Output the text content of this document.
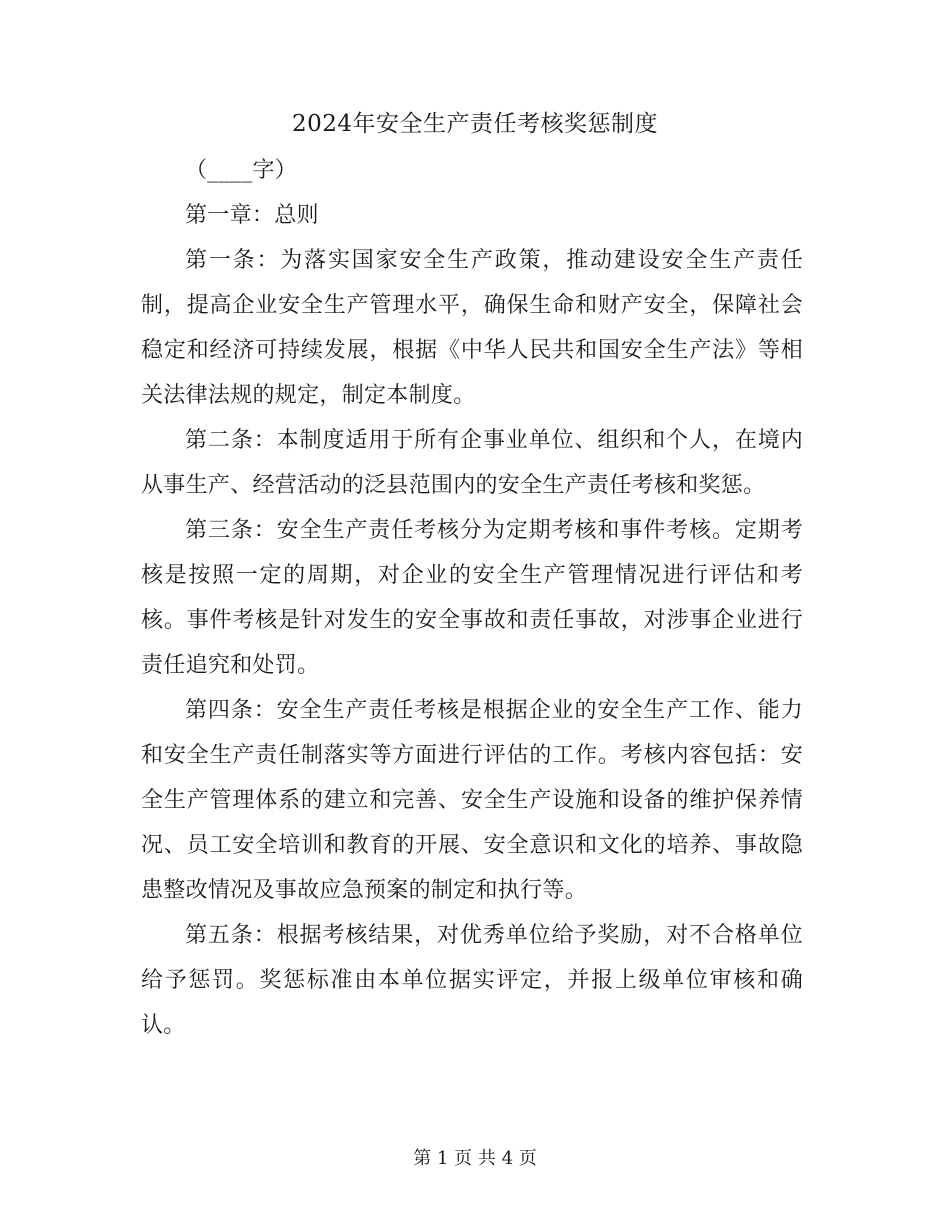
2024年安全生产责任考核奖惩制度

（____字）

第一章：总则

第一条：为落实国家安全生产政策，推动建设安全生产责任制，提高企业安全生产管理水平，确保生命和财产安全，保障社会稳定和经济可持续发展，根据《中华人民共和国安全生产法》等相关法律法规的规定，制定本制度。

第二条：本制度适用于所有企事业单位、组织和个人，在境内从事生产、经营活动的泛县范围内的安全生产责任考核和奖惩。

第三条：安全生产责任考核分为定期考核和事件考核。定期考核是按照一定的周期，对企业的安全生产管理情况进行评估和考核。事件考核是针对发生的安全事故和责任事故，对涉事企业进行责任追究和处罚。

第四条：安全生产责任考核是根据企业的安全生产工作、能力和安全生产责任制落实等方面进行评估的工作。考核内容包括：安全生产管理体系的建立和完善、安全生产设施和设备的维护保养情况、员工安全培训和教育的开展、安全意识和文化的培养、事故隐患整改情况及事故应急预案的制定和执行等。

第五条：根据考核结果，对优秀单位给予奖励，对不合格单位给予惩罚。奖惩标准由本单位据实评定，并报上级单位审核和确认。

第 1 页 共 4 页
